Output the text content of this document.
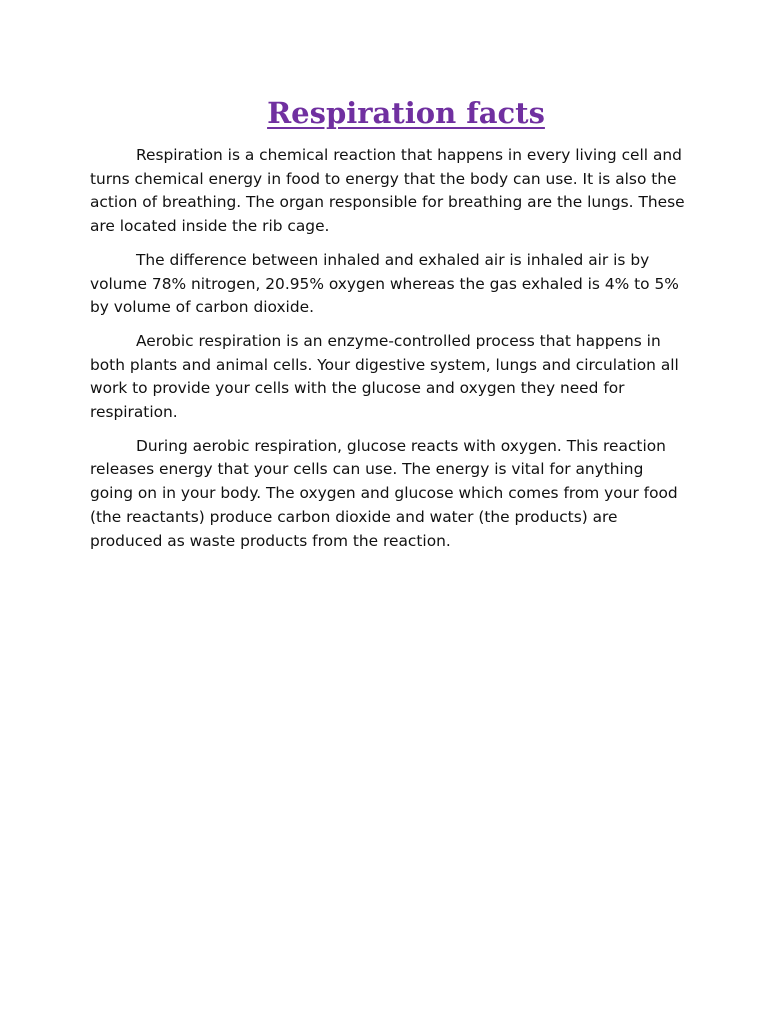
Respiration facts

Respiration is a chemical reaction that happens in every living cell and turns chemical energy in food to energy that the body can use. It is also the action of breathing. The organ responsible for breathing are the lungs. These are located inside the rib cage.

The difference between inhaled and exhaled air is inhaled air is by volume 78% nitrogen, 20.95% oxygen whereas the gas exhaled is 4% to 5% by volume of carbon dioxide.

Aerobic respiration is an enzyme-controlled process that happens in both plants and animal cells. Your digestive system, lungs and circulation all work to provide your cells with the glucose and oxygen they need for respiration.

During aerobic respiration, glucose reacts with oxygen. This reaction releases energy that your cells can use. The energy is vital for anything going on in your body. The oxygen and glucose which comes from your food (the reactants) produce carbon dioxide and water (the products) are produced as waste products from the reaction.
